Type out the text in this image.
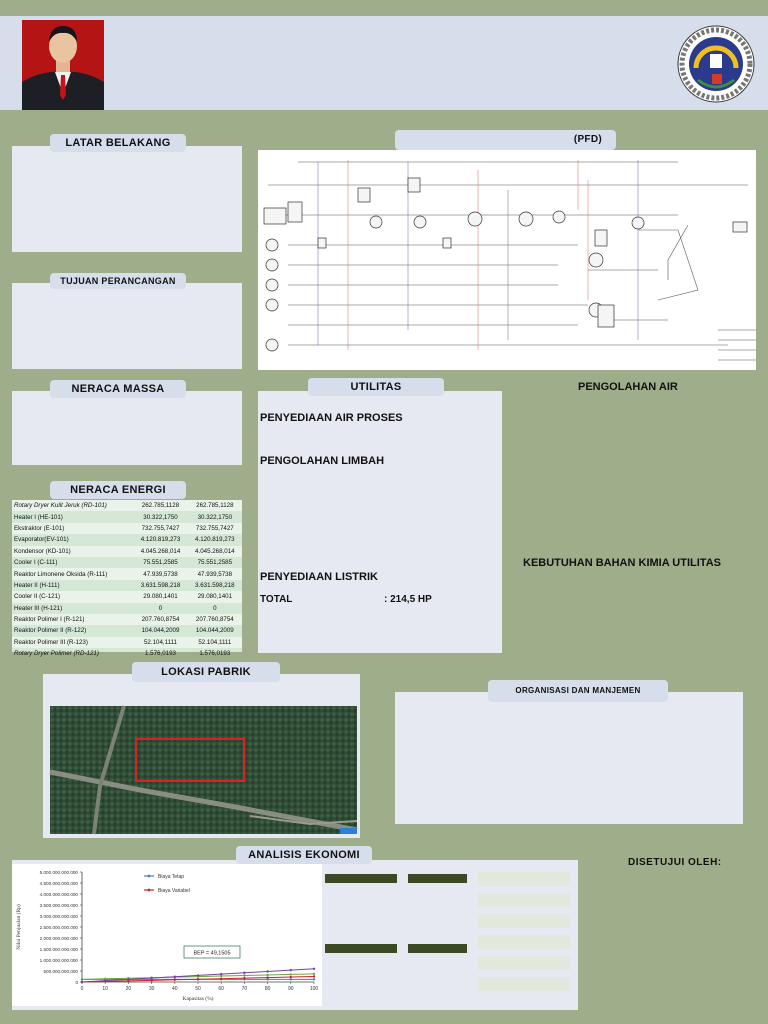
LATAR BELAKANG
TUJUAN PERANCANGAN
NERACA MASSA
Rotary Dryer Kulit Jeruk (RD-101)	262.785,1128	262.785,1128
Heater I (HE-101)	30.322,1750	30.322,1750
Ekstraktor (E-101)	732.755,7427	732.755,7427
Evaporator(EV-101)	4.120.819,273	4.120.819,273
Kondensor (KD-101)	4.045.268,014	4.045.268,014
Cooler I (C-111)	75.551,2585	75.551,2585
Reaktor Limonene Oksida (R-111)	47.939,5738	47.939,5738
Heater II (H-111)	3.631.598,218	3.631.598,218
Cooler II (C-121)	29.080,1401	29.080,1401
Heater III (H-121)	0	0
Reaktor Polimer I (R-121)	207.760,8754	207.760,8754
Reaktor Polimer II (R-122)	104.044,2009	104.044,2009
Reaktor Polimer III (R-123)	52.104,1111	52.104,1111
Rotary Dryer Polimer (RD-121)	1.576,0193	1.576,0193
NERACA ENERGI
(PFD)
UTILITAS
PENYEDIAAN AIR PROSES
PENGOLAHAN LIMBAH
PENYEDIAAN LISTRIK
TOTAL	: 214,5 HP
PENGOLAHAN AIR
KEBUTUHAN BAHAN KIMIA UTILITAS
LOKASI PABRIK
ORGANISASI DAN MANJEMEN
ANALISIS EKONOMI
0
500.000.000.000
1.000.000.000.000
1.500.000.000.000
2.000.000.000.000
2.500.000.000.000
3.000.000.000.000
3.500.000.000.000
4.000.000.000.000
4.500.000.000.000
5.000.000.000.000
0	10	20	30	40	50	60	70	80	90	100
Kapasitas (%)
Nilai Penjualan (Rp)
Biaya Tetap
Biaya Variabel
BEP = 49,1505
DISETUJUI OLEH:
